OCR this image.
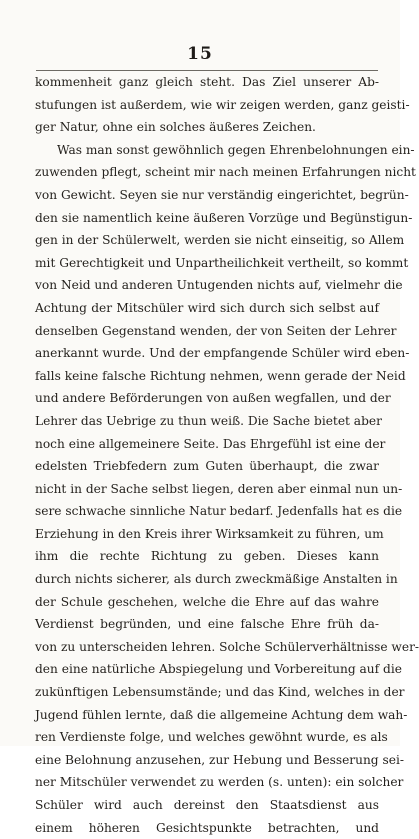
15
kommenheit ganz gleich steht. Das Ziel unserer Ab-
stufungen ist außerdem, wie wir zeigen werden, ganz geisti-
ger Natur, ohne ein solches äußeres Zeichen.
Was man sonst gewöhnlich gegen Ehrenbelohnungen ein-
zuwenden pflegt, scheint mir nach meinen Erfahrungen nicht
von Gewicht. Seyen sie nur verständig eingerichtet, begrün-
den sie namentlich keine äußeren Vorzüge und Begünstigun-
gen in der Schülerwelt, werden sie nicht einseitig, so Allem
mit Gerechtigkeit und Unpartheilichkeit vertheilt, so kommt
von Neid und anderen Untugenden nichts auf, vielmehr die
Achtung der Mitschüler wird sich durch sich selbst auf
denselben Gegenstand wenden, der von Seiten der Lehrer
anerkannt wurde. Und der empfangende Schüler wird eben-
falls keine falsche Richtung nehmen, wenn gerade der Neid
und andere Beförderungen von außen wegfallen, und der
Lehrer das Uebrige zu thun weiß. Die Sache bietet aber
noch eine allgemeinere Seite. Das Ehrgefühl ist eine der
edelsten Triebfedern zum Guten überhaupt, die zwar
nicht in der Sache selbst liegen, deren aber einmal nun un-
sere schwache sinnliche Natur bedarf. Jedenfalls hat es die
Erziehung in den Kreis ihrer Wirksamkeit zu führen, um
ihm die rechte Richtung zu geben. Dieses kann
durch nichts sicherer, als durch zweckmäßige Anstalten in
der Schule geschehen, welche die Ehre auf das wahre
Verdienst begründen, und eine falsche Ehre früh da-
von zu unterscheiden lehren. Solche Schülerverhältnisse wer-
den eine natürliche Abspiegelung und Vorbereitung auf die
zukünftigen Lebensumstände; und das Kind, welches in der
Jugend fühlen lernte, daß die allgemeine Achtung dem wah-
ren Verdienste folge, und welches gewöhnt wurde, es als
eine Belohnung anzusehen, zur Hebung und Besserung sei-
ner Mitschüler verwendet zu werden (s. unten): ein solcher
Schüler wird auch dereinst den Staatsdienst aus
einem höheren Gesichtspunkte betrachten, und
